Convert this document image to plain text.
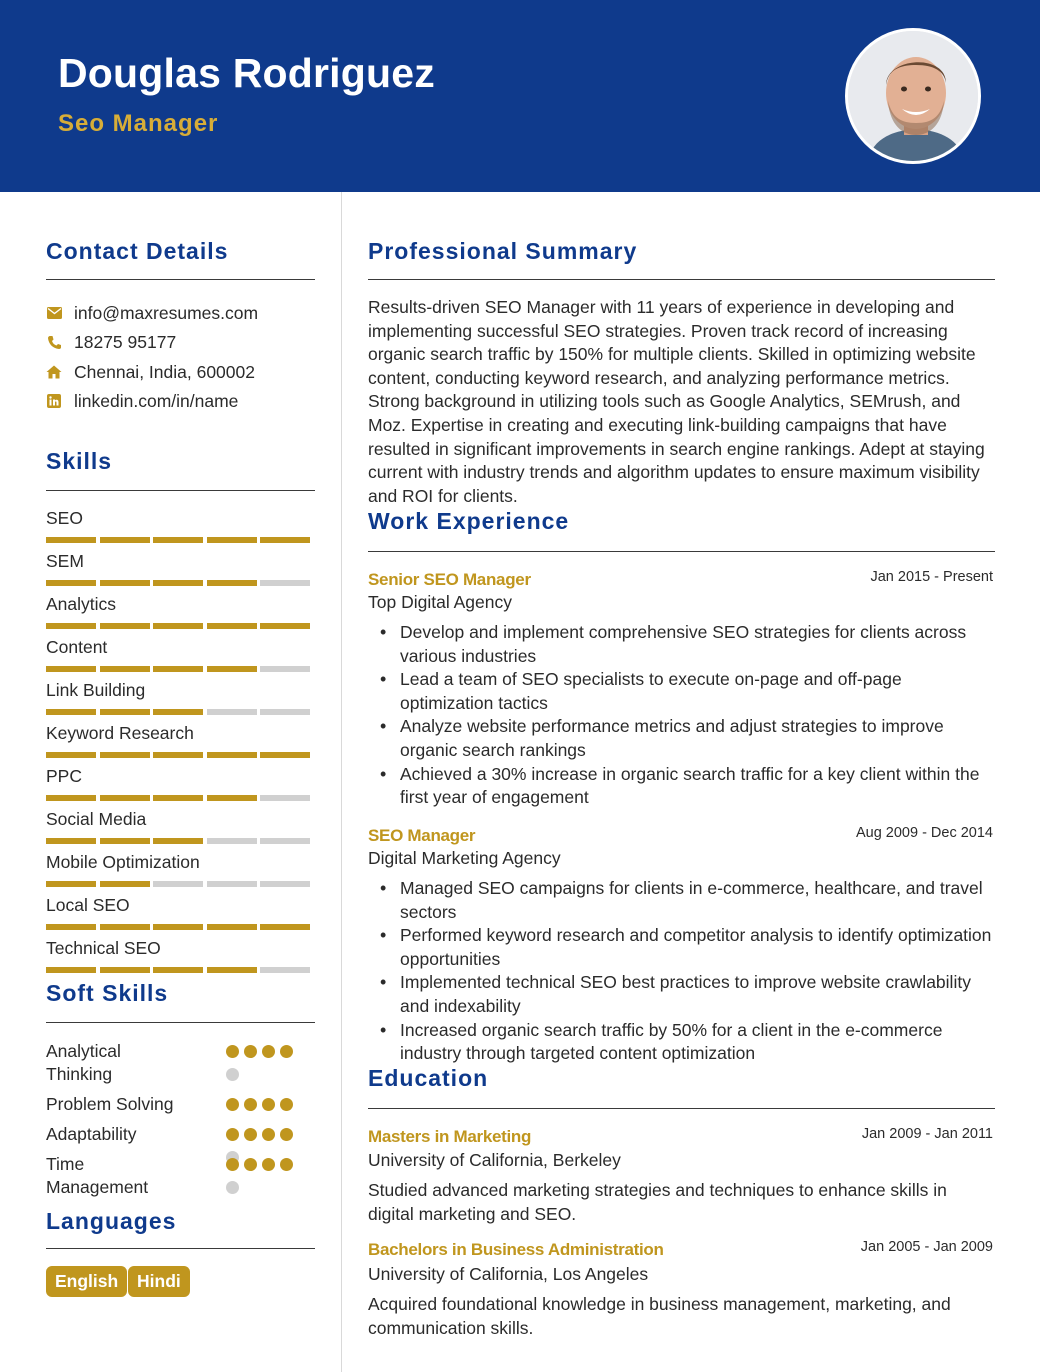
Douglas Rodriguez
Seo Manager
Contact Details
info@maxresumes.com
18275 95177
Chennai, India, 600002
linkedin.com/in/name
Skills
SEO
SEM
Analytics
Content
Link Building
Keyword Research
PPC
Social Media
Mobile Optimization
Local SEO
Technical SEO
Soft Skills
Analytical
Thinking
Problem Solving
Adaptability
Time
Management
Languages
English	Hindi
Professional Summary
Results-driven SEO Manager with 11 years of experience in developing and implementing successful SEO strategies. Proven track record of increasing organic search traffic by 150% for multiple clients. Skilled in optimizing website content, conducting keyword research, and analyzing performance metrics. Strong background in utilizing tools such as Google Analytics, SEMrush, and Moz. Expertise in creating and executing link-building campaigns that have resulted in significant improvements in search engine rankings. Adept at staying current with industry trends and algorithm updates to ensure maximum visibility and ROI for clients.
Work Experience
Senior SEO Manager	Jan 2015 - Present
Top Digital Agency
• Develop and implement comprehensive SEO strategies for clients across various industries
• Lead a team of SEO specialists to execute on-page and off-page optimization tactics
• Analyze website performance metrics and adjust strategies to improve organic search rankings
• Achieved a 30% increase in organic search traffic for a key client within the first year of engagement
SEO Manager	Aug 2009 - Dec 2014
Digital Marketing Agency
• Managed SEO campaigns for clients in e-commerce, healthcare, and travel sectors
• Performed keyword research and competitor analysis to identify optimization opportunities
• Implemented technical SEO best practices to improve website crawlability and indexability
• Increased organic search traffic by 50% for a client in the e-commerce industry through targeted content optimization
Education
Masters in Marketing	Jan 2009 - Jan 2011
University of California, Berkeley
Studied advanced marketing strategies and techniques to enhance skills in digital marketing and SEO.
Bachelors in Business Administration	Jan 2005 - Jan 2009
University of California, Los Angeles
Acquired foundational knowledge in business management, marketing, and communication skills.
